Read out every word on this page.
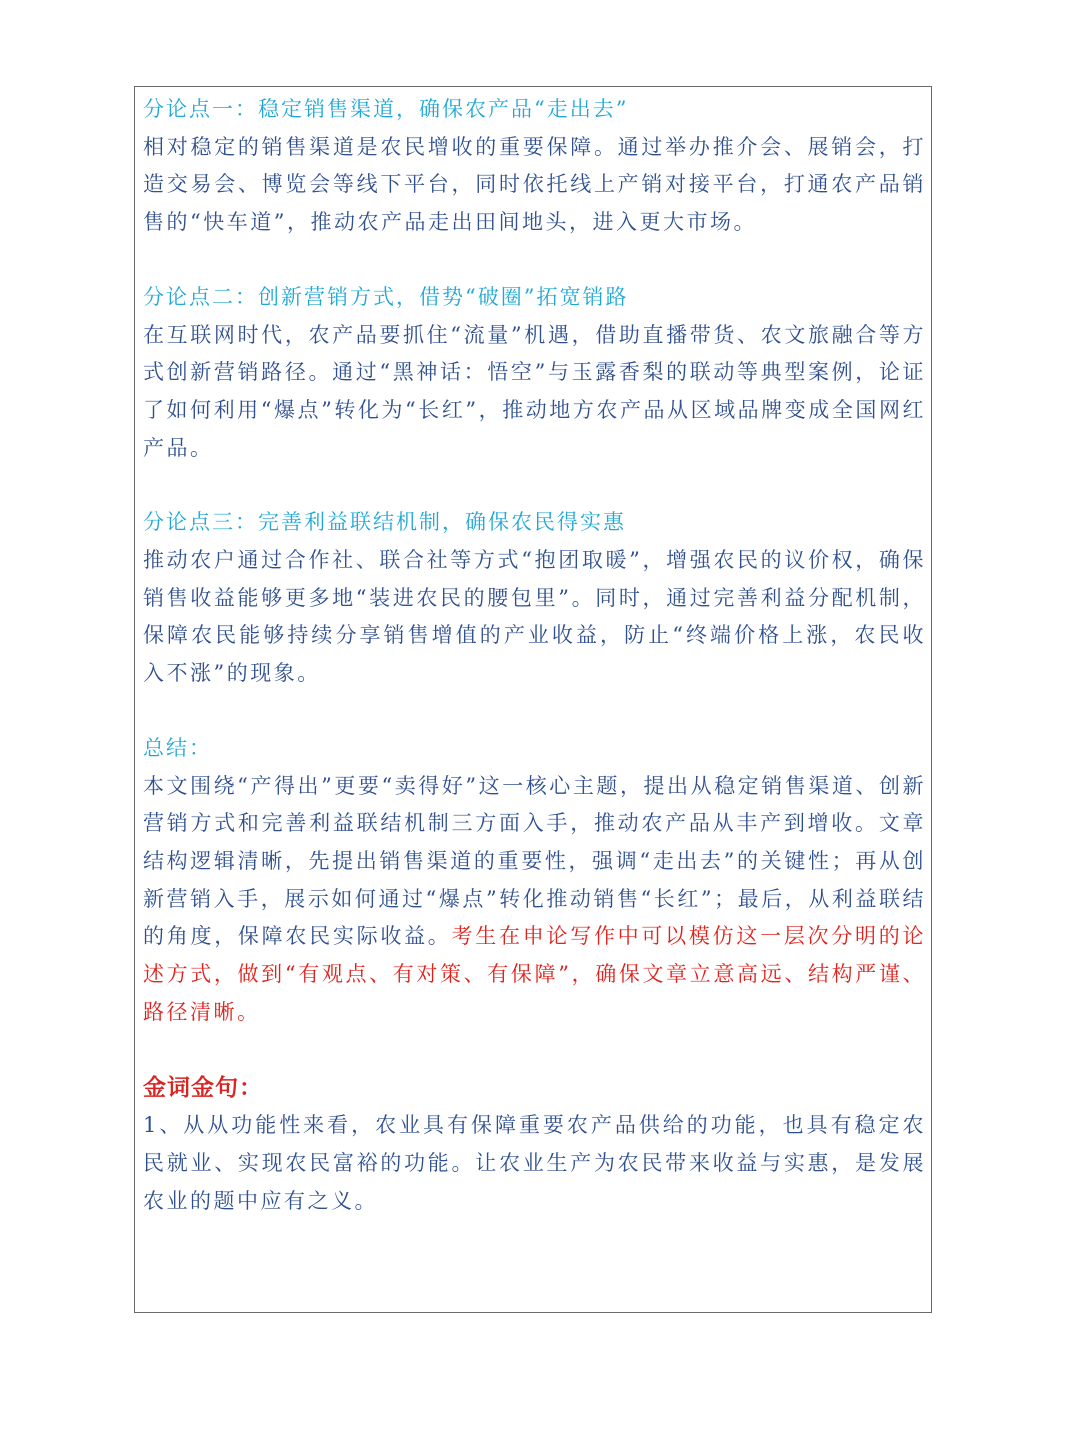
分论点一：稳定销售渠道，确保农产品“走出去”

相对稳定的销售渠道是农民增收的重要保障。通过举办推介会、展销会，打造交易会、博览会等线下平台，同时依托线上产销对接平台，打通农产品销售的“快车道”，推动农产品走出田间地头，进入更大市场。

分论点二：创新营销方式，借势“破圈”拓宽销路

在互联网时代，农产品要抓住“流量”机遇，借助直播带货、农文旅融合等方式创新营销路径。通过“黑神话：悟空”与玉露香梨的联动等典型案例，论证了如何利用“爆点”转化为“长红”，推动地方农产品从区域品牌变成全国网红产品。

分论点三：完善利益联结机制，确保农民得实惠

推动农户通过合作社、联合社等方式“抱团取暖”，增强农民的议价权，确保销售收益能够更多地“装进农民的腰包里”。同时，通过完善利益分配机制，保障农民能够持续分享销售增值的产业收益，防止“终端价格上涨，农民收入不涨”的现象。

总结：

本文围绕“产得出”更要“卖得好”这一核心主题，提出从稳定销售渠道、创新营销方式和完善利益联结机制三方面入手，推动农产品从丰产到增收。文章结构逻辑清晰，先提出销售渠道的重要性，强调“走出去”的关键性；再从创新营销入手，展示如何通过“爆点”转化推动销售“长红”；最后，从利益联结的角度，保障农民实际收益。考生在申论写作中可以模仿这一层次分明的论述方式，做到“有观点、有对策、有保障”，确保文章立意高远、结构严谨、路径清晰。

金词金句：

1、从从功能性来看，农业具有保障重要农产品供给的功能，也具有稳定农民就业、实现农民富裕的功能。让农业生产为农民带来收益与实惠，是发展农业的题中应有之义。
